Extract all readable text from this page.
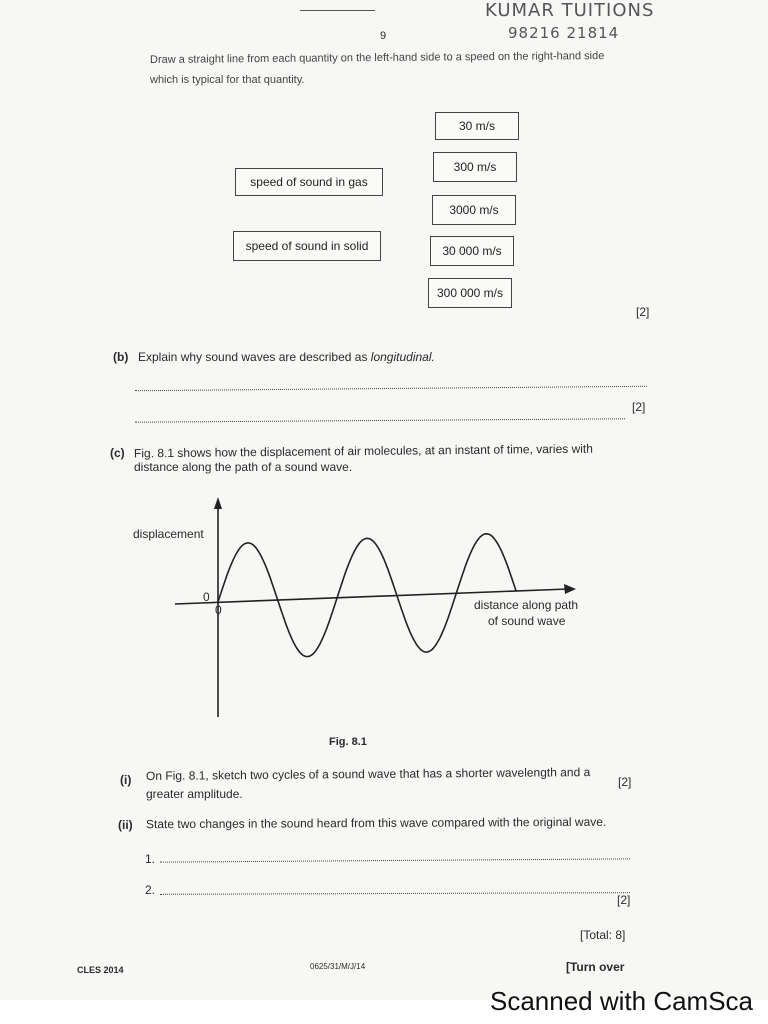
9
KUMAR TUITIONS
98216 21814
Draw a straight line from each quantity on the left-hand side to a speed on the right-hand side
which is typical for that quantity.
speed of sound in gas
speed of sound in solid
30 m/s
300 m/s
3000 m/s
30 000 m/s
300 000 m/s
[2]
(b) Explain why sound waves are described as longitudinal.
[2]
(c) Fig. 8.1 shows how the displacement of air molecules, at an instant of time, varies with
distance along the path of a sound wave.
displacement
0
0	distance along path
of sound wave
Fig. 8.1
(i) On Fig. 8.1, sketch two cycles of a sound wave that has a shorter wavelength and a
greater amplitude.
[2]
(ii) State two changes in the sound heard from this wave compared with the original wave.
1.
2.
[2]
[Total: 8]
CLES 2014	0625/31/M/J/14	[Turn over
Scanned with CamSca
